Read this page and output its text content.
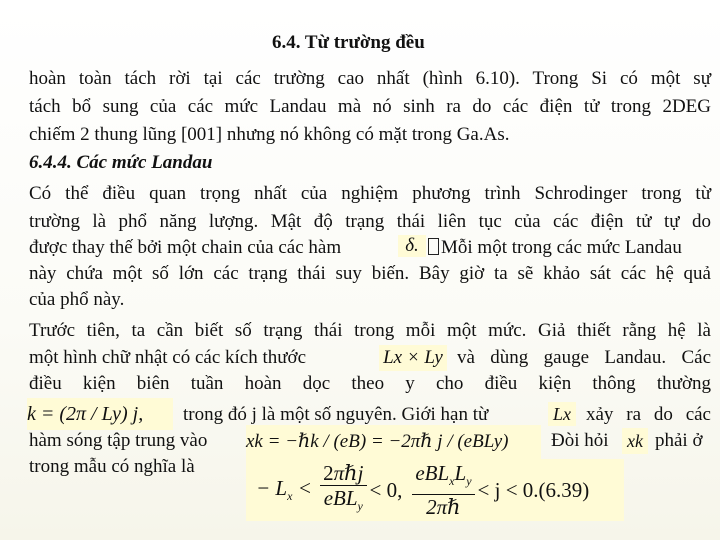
6.4. Từ trường đều
hoàn toàn tách rời tại các trường cao nhất (hình 6.10). Trong Si có một sự
tách bổ sung của các mức Landau mà nó sinh ra do các điện tử trong 2DEG
chiếm 2 thung lũng [001] nhưng nó không có mặt trong Ga.As.
6.4.4. Các mức Landau
Có thể điều quan trọng nhất của nghiệm phương trình Schrodinger trong từ
trường là phổ năng lượng. Mật độ trạng thái liên tục của các điện tử tự do
được thay thế bởi một chain của các hàm	δ.	Mỗi một trong các mức Landau
này chứa một số lớn các trạng thái suy biến. Bây giờ ta sẽ khảo sát các hệ quả
của phổ này.
Trước tiên, ta cần biết số trạng thái trong mỗi một mức. Giả thiết rằng hệ là
một hình chữ nhật có các kích thước	Lx × Ly và dùng gauge Landau. Các
điều kiện biên tuần hoàn dọc theo y cho điều kiện thông thường
k = (2π / Ly) j,	trong đó j là một số nguyên. Giới hạn từ	Lx xảy ra do các
hàm sóng tập trung vào xk = −ℏk / (eB) = −2πℏ j / (eBLy)	Đòi hỏi xk phải ở
trong mẫu có nghĩa là
− $L_x < \frac{\text{2πℏj}}{eBL_y} < 0$, $\frac{eBL_xL_y}{\text{2πℏ}} < j < 0.(6.39)$
